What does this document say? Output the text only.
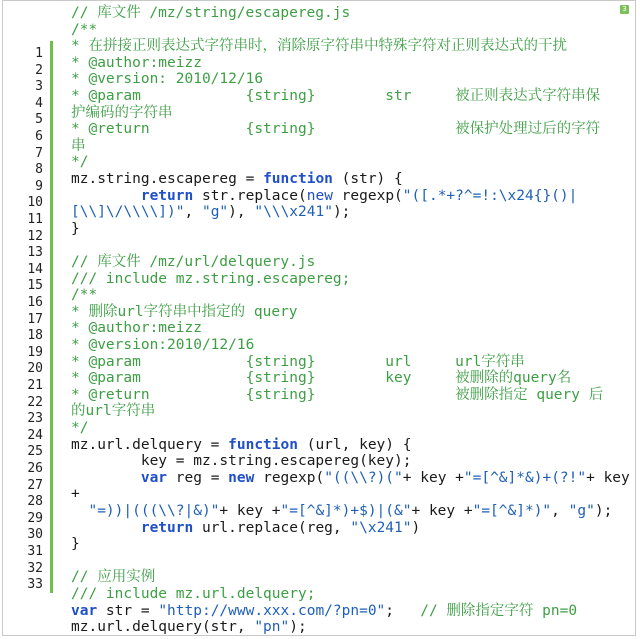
3
1
2
3
4
5
6
7
8
9
10
11
12
13
14
15
16
17
18
19
20
21
22
23
24
25
26
27
28
29
30
31
32
33
// 库文件 /mz/string/escapereg.js
/**
* 在拼接正则表达式字符串时，消除原字符串中特殊字符对正则表达式的干扰
* @author:meizz
* @version: 2010/12/16
* @param            {string}        str     被正则表达式字符串保
护编码的字符串
* @return           {string}                被保护处理过后的字符
串
*/
mz.string.escapereg = function (str) {
return str.replace(new regexp("([.*+?^=!:\x24{}()|
[\\]\/\\\\])", "g"), "\\\x241");
}
// 库文件 /mz/url/delquery.js
/// include mz.string.escapereg;
/**
* 删除url字符串中指定的 query
* @author:meizz
* @version:2010/12/16
* @param            {string}        url     url字符串
* @param            {string}        key     被删除的query名
* @return           {string}                被删除指定 query 后
的url字符串
*/
mz.url.delquery = function (url, key) {
key = mz.string.escapereg(key);
var reg = new regexp("((\\?)("+ key +"=[^&]*&)+(?!"+ key
+
"=))|(((\\?|&)"+ key +"=[^&]*)+$)|(&"+ key +"=[^&]*)", "g");
return url.replace(reg, "\x241")
}
// 应用实例
/// include mz.url.delquery;
var str = "http://www.xxx.com/?pn=0";   // 删除指定字符 pn=0
mz.url.delquery(str, "pn");
